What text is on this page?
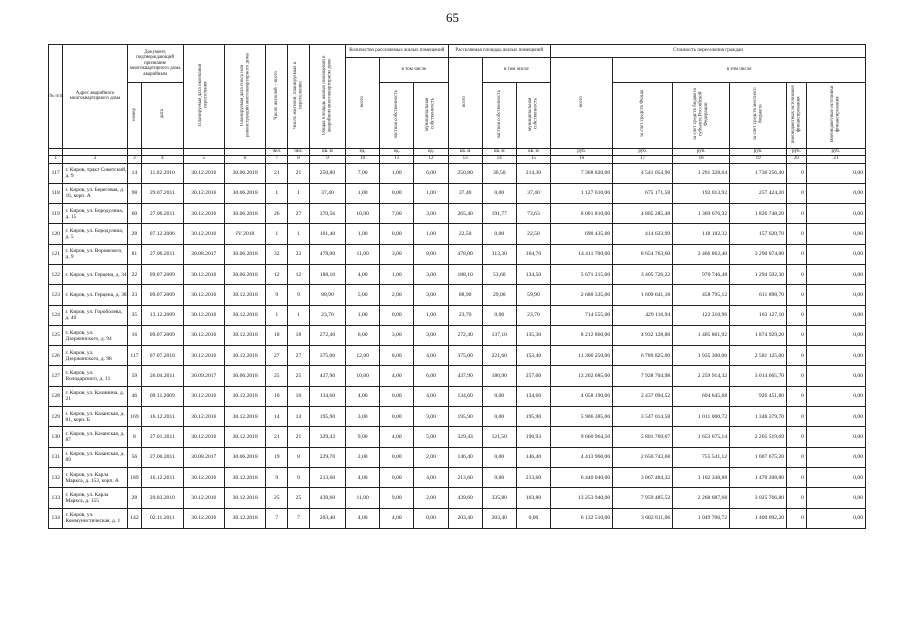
65
№ п/п	Адрес аварийного многоквартирного дома	Документ, подтверждающий признание многоквартирного дома аварийным		Планируемая дата окончания переселения	Планируемая дата сноса или реконструкции многоквартирного дома	Число жителей – всего	Число жителей, планируемых к переселению	Общая площадь жилых помещений в аварийном многоквартирном доме	Количество расселяемых жилых помещений			Расселяемая площадь жилых помещений			Стоимость переселения граждан					
									всего	в том числе		всего	в том числе		всего	в том числе				
		номер	дата							частная собственность	муниципальная собственность		частная собственность	муниципальная собственность		за счет средств Фонда	за счет средств бюджета субъекта Российской Федерации	за счет средств местного бюджета	внебюджетных источников финансирования	Внебюджетные источники финансирования
						чел.	чел.	кв. м	ед.	ед.	ед.	кв. м	кв. м	кв. м	руб.	руб.	руб.	руб.	руб.	руб.
1	2	3	4	5	6	7	8	9	10	11	12	13	14	15	16	17	18	19	20	21
117	г. Киров, тракт Советский, д. 9	14	11.02.2010	30.12.2016	30.06.2018	21	21	250,80	7,00	1,00	6,00	250,80	36,50	214,30	7 368 820,00	4 541 054,96	1 291 328,64	1 736 256,40	0	0,00
118	г. Киров, ул. Береговая, д. 16, корп. А	98	29.07.2011	30.12.2016	30.06.2018	1	1	37,40	1,00	0,00	1,00	37,40	0,00	37,40	1 127 610,00	675 171,58	192 013,92	257 424,20	0	0,00
119	г. Киров, ул. Бородулина, д. 15	60	27.06.2011	30.12.2016	30.06.2018	26	27	370,56	10,00	7,00	3,00	265,40	191,77	73,63	8 001 810,00	4 805 285,48	1 369 676,32	1 826 748,20	0	0,00
120	г. Киров, ул. Бородулина, д. 5	28	07.12.2006	30.12.2016	IV 2018	1	1	101,40	1,00	0,00	1,00	22,50	0,00	22,50	690 435,00	414 633,99	118 182,32	157 620,70	0	0,00
121	г. Киров, ул. Воровского, д. 9	81	27.06.2011	30.08.2017	30.06.2018	32	32	478,00	11,00	3,00	8,00	478,00	313,30	164,70	14 411 700,00	8 654 763,60	2 466 862,40	3 290 074,00	0	0,00
122	г. Киров, ул. Герцена, д. 34	22	09.07.2009	30.12.2016	30.06.2018	12	12	188,10	4,00	1,00	3,00	188,10	53,60	134,50	5 671 215,00	3 405 726,22	970 746,48	1 294 592,30	0	0,00
123	г. Киров, ул. Герцена, д. 38	23	09.07.2009	30.12.2016	30.12.2018	9	9	88,90	5,00	2,00	3,00	88,90	29,00	59,90	2 680 335,00	1 609 641,18	458 795,12	611 898,70	0	0,00
124	г. Киров, ул. Гороболева, д. 40	35	13.12.2009	30.12.2016	30.12.2018	1	1	23,70	1,00	0,00	1,00	23,70	0,00	23,70	714 555,00	429 116,94	122 310,96	163 127,10	0	0,00
125	г. Киров, ул. Дзержинского, д. 94	16	09.07.2009	30.12.2016	30.12.2018	18	18	272,40	6,00	3,00	3,00	272,40	137,10	135,30	8 212 860,00	4 932 128,88	1 405 801,92	1 874 929,20	0	0,00
126	г. Киров, ул. Дзержинского, д. 98	117	07.07.2010	30.12.2016	30.12.2018	27	27	375,00	12,00	8,00	4,00	375,00	221,60	153,40	11 306 250,00	6 789 825,00	1 935 300,00	2 581 125,00	0	0,00
127	г. Киров, ул. Володарского, д. 11	59	26.04.2011	30.09.2017	30.06.2018	25	25	437,90	10,00	4,00	6,00	437,90	180,90	257,00	13 202 685,00	7 928 704,98	2 259 914,32	3 014 065,70	0	0,00
128	г. Киров, ул. Калинина, д. 21	46	09.11.2009	30.12.2016	30.12.2018	10	10	134,60	4,00	0,00	4,00	134,60	0,00	134,60	4 058 190,00	2 437 094,52	694 645,68	926 451,80	0	0,00
129	г. Киров, ул. Казанская, д. 81, корп. Б	169	16.12.2011	30.12.2016	30.12.2018	14	14	195,90	3,00	0,00	3,00	195,90	0,00	195,90	5 906 385,00	3 547 014,58	1 011 000,72	1 348 379,70	0	0,00
130	г. Киров, ул. Казанская, д. 87	8	27.01.2011	30.12.2016	30.12.2018	21	21	329,43	9,00	4,00	5,00	329,43	121,50	196,93	9 660 964,50	5 801 769,67	1 653 675,14	2 205 519,69	0	0,00
131	г. Киров, ул. Казанская, д. 89	56	27.06.2011	30.08.2017	30.06.2018	19	8	229,70	2,00	0,00	2,00	146,40	0,00	146,40	4 413 960,00	2 650 743,68	755 541,12	1 007 675,20	0	0,00
132	г. Киров, ул. Карла Маркса, д. 153, корп. А	189	16.12.2011	30.12.2016	30.12.2018	9	9	213,60	4,00	0,00	4,00	213,60	0,00	213,60	6 440 040,00	3 867 484,32	1 102 348,88	1 470 208,80	0	0,00
133	г. Киров, ул. Карла Маркса, д. 155	28	20.03.2010	30.12.2016	30.12.2018	25	25	439,60	11,00	9,00	2,00	439,60	335,80	103,80	13 253 940,00	7 959 485,52	2 268 687,68	3 025 766,80	0	0,00
134	г. Киров, ул. Коммунистическая, д. 1	142	02.11.2011	30.12.2016	30.12.2018	7	7	203,40	4,00	4,00	0,00	203,40	203,40	0,00	6 132 510,00	3 682 811,06	1 049 706,72	1 400 092,20	0	0,00
